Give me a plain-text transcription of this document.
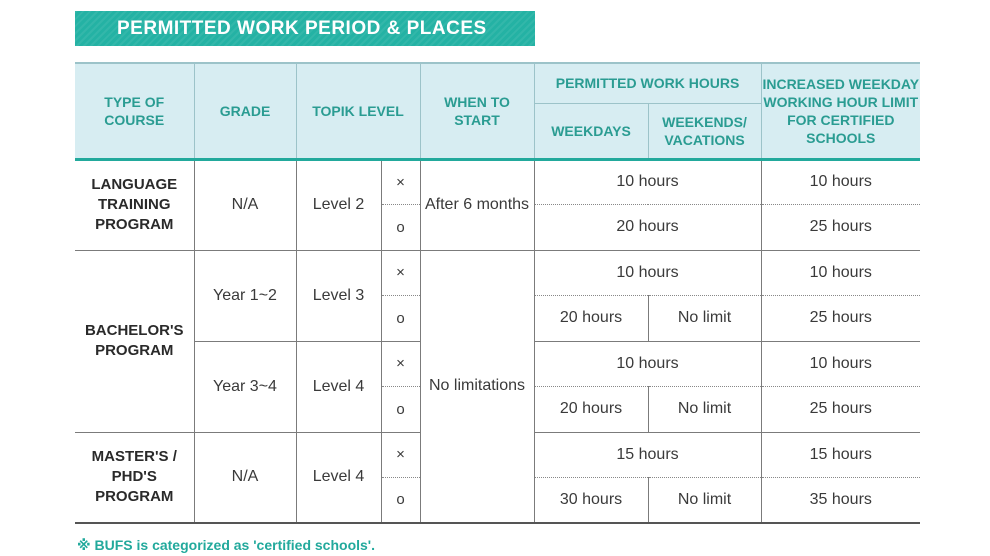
PERMITTED WORK PERIOD & PLACES
TYPE OF COURSE	GRADE	TOPIK LEVEL		WHEN TO START	PERMITTED WORK HOURS		INCREASED WEEKDAY WORKING HOUR LIMIT FOR CERTIFIED SCHOOLS
					WEEKDAYS	WEEKENDS/ VACATIONS	
LANGUAGE TRAINING PROGRAM	N/A	Level 2	×	After 6 months	10 hours		10 hours
			o		20 hours		25 hours
BACHELOR'S PROGRAM	Year 1~2	Level 3	×	No limitations	10 hours		10 hours
			o		20 hours	No limit	25 hours
	Year 3~4	Level 4	×		10 hours		10 hours
			o		20 hours	No limit	25 hours
MASTER'S / PHD'S PROGRAM	N/A	Level 4	×		15 hours		15 hours
			o		30 hours	No limit	35 hours
※ BUFS is categorized as 'certified schools'.
